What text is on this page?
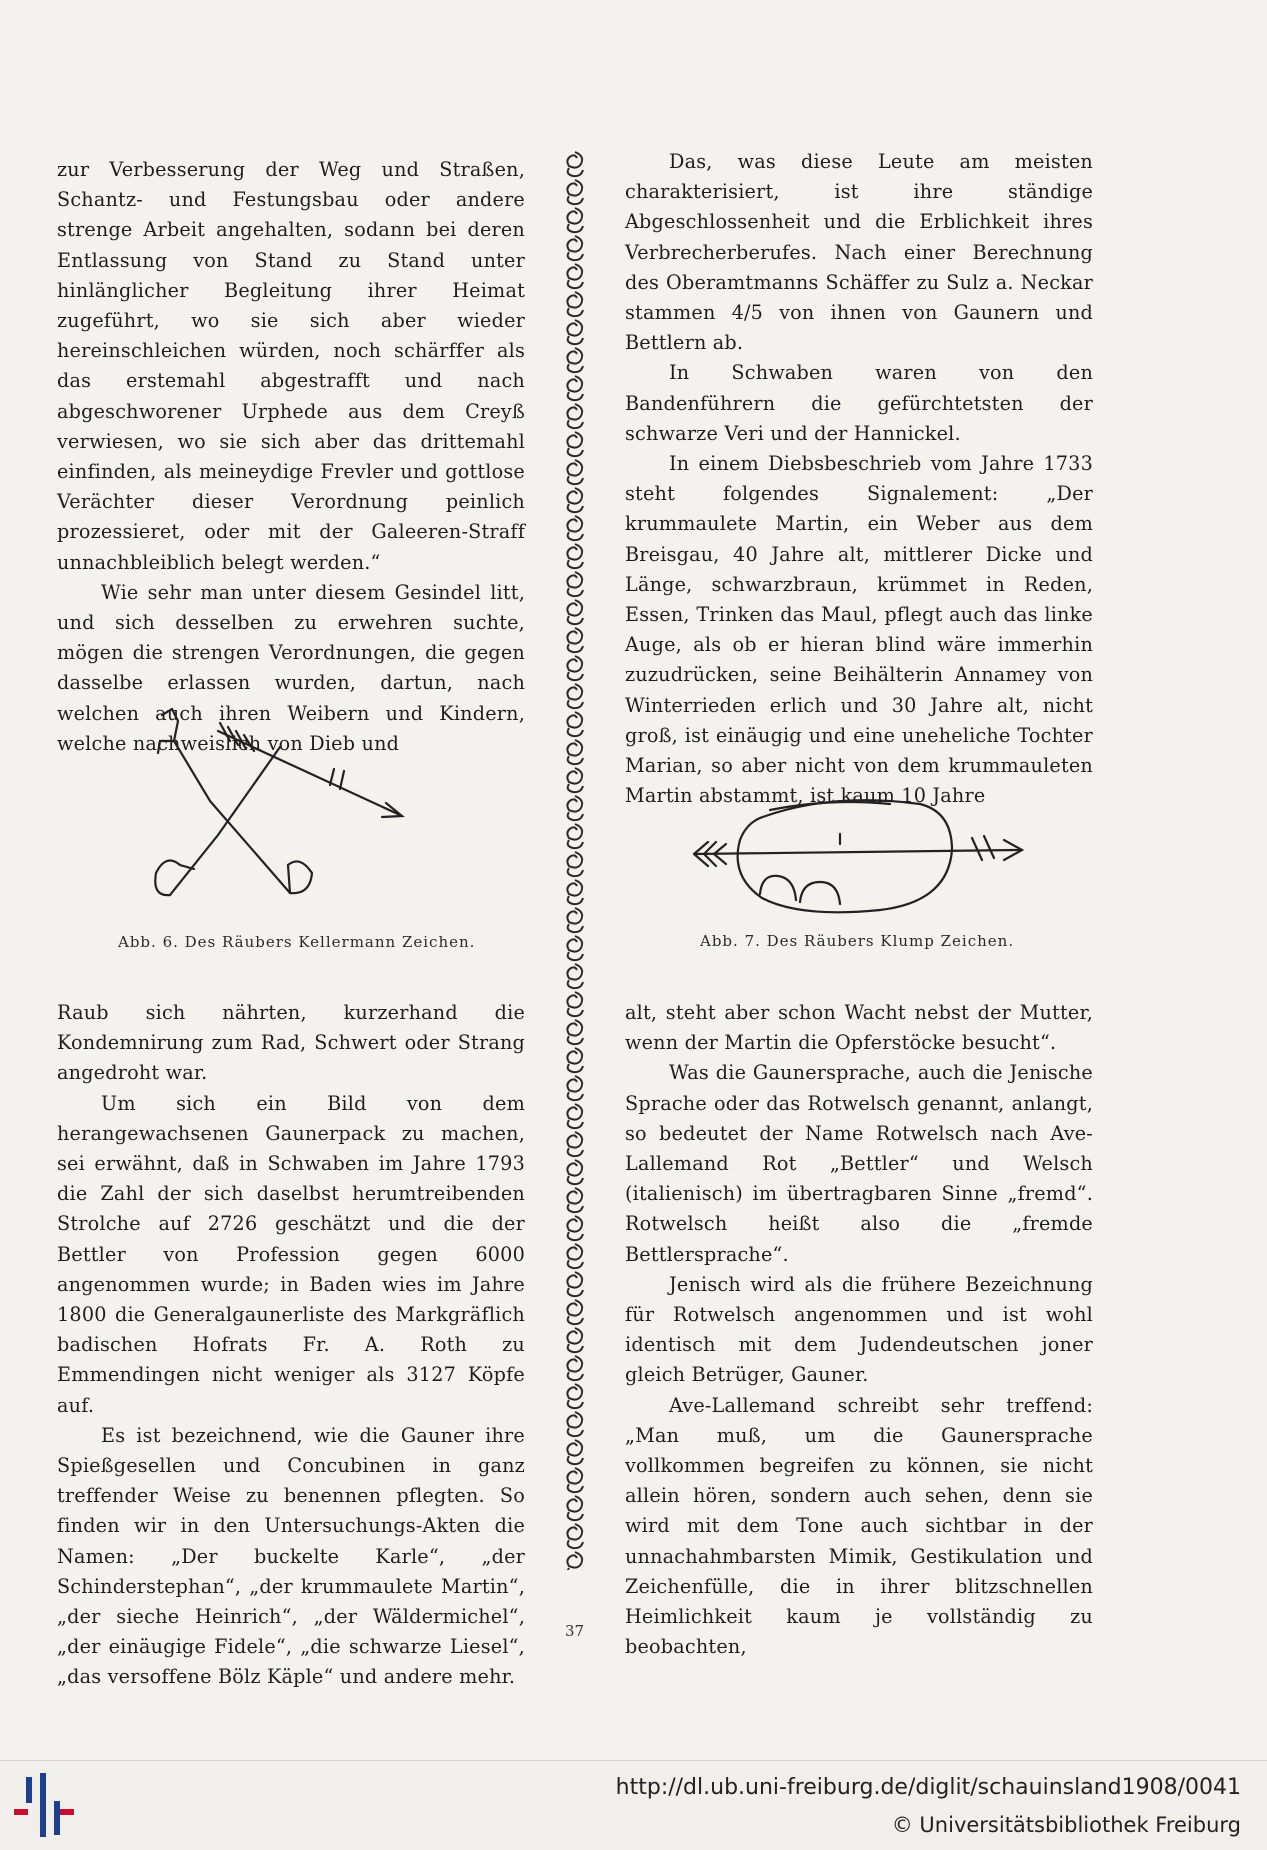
zur Verbesserung der Weg und Straßen, Schantz- und Festungsbau oder andere strenge Arbeit angehalten, sodann bei deren Entlassung von Stand zu Stand unter hinlänglicher Begleitung ihrer Heimat zugeführt, wo sie sich aber wieder hereinschleichen würden, noch schärffer als das erstemahl abgestrafft und nach abgeschworener Urphede aus dem Creyß verwiesen, wo sie sich aber das drittemahl einfinden, als meineydige Frevler und gottlose Verächter dieser Verordnung peinlich prozessieret, oder mit der Galeeren-Straff unnachbleiblich belegt werden.“

Wie sehr man unter diesem Gesindel litt, und sich desselben zu erwehren suchte, mögen die strengen Verordnungen, die gegen dasselbe erlassen wurden, dartun, nach welchen auch ihren Weibern und Kindern, welche nachweislich von Dieb und

Abb. 6. Des Räubers Kellermann Zeichen.

Raub sich nährten, kurzerhand die Kondemnirung zum Rad, Schwert oder Strang angedroht war.

Um sich ein Bild von dem herangewachsenen Gaunerpack zu machen, sei erwähnt, daß in Schwaben im Jahre 1793 die Zahl der sich daselbst herumtreibenden Strolche auf 2726 geschätzt und die der Bettler von Profession gegen 6000 angenommen wurde; in Baden wies im Jahre 1800 die Generalgaunerliste des Markgräflich badischen Hofrats Fr. A. Roth zu Emmendingen nicht weniger als 3127 Köpfe auf.

Es ist bezeichnend, wie die Gauner ihre Spießgesellen und Concubinen in ganz treffender Weise zu benennen pflegten. So finden wir in den Untersuchungs-Akten die Namen: „Der buckelte Karle“, „der Schinderstephan“, „der krummaulete Martin“, „der sieche Heinrich“, „der Wäldermichel“, „der einäugige Fidele“, „die schwarze Liesel“, „das versoffene Bölz Käple“ und andere mehr.

Das, was diese Leute am meisten charakterisiert, ist ihre ständige Abgeschlossenheit und die Erblichkeit ihres Verbrecherberufes. Nach einer Berechnung des Oberamtmanns Schäffer zu Sulz a. Neckar stammen 4/5 von ihnen von Gaunern und Bettlern ab.

In Schwaben waren von den Bandenführern die gefürchtetsten der schwarze Veri und der Hannickel.

In einem Diebsbeschrieb vom Jahre 1733 steht folgendes Signalement: „Der krummaulete Martin, ein Weber aus dem Breisgau, 40 Jahre alt, mittlerer Dicke und Länge, schwarzbraun, krümmet in Reden, Essen, Trinken das Maul, pflegt auch das linke Auge, als ob er hieran blind wäre immerhin zuzudrücken, seine Beihälterin Annamey von Winterrieden erlich und 30 Jahre alt, nicht groß, ist einäugig und eine uneheliche Tochter Marian, so aber nicht von dem krummauleten Martin abstammt, ist kaum 10 Jahre

Abb. 7. Des Räubers Klump Zeichen.

alt, steht aber schon Wacht nebst der Mutter, wenn der Martin die Opferstöcke besucht“.

Was die Gaunersprache, auch die Jenische Sprache oder das Rotwelsch genannt, anlangt, so bedeutet der Name Rotwelsch nach Ave-Lallemand Rot „Bettler“ und Welsch (italienisch) im übertragbaren Sinne „fremd“. Rotwelsch heißt also die „fremde Bettlersprache“.

Jenisch wird als die frühere Bezeichnung für Rotwelsch angenommen und ist wohl identisch mit dem Judendeutschen joner gleich Betrüger, Gauner.

Ave-Lallemand schreibt sehr treffend: „Man muß, um die Gaunersprache vollkommen begreifen zu können, sie nicht allein hören, sondern auch sehen, denn sie wird mit dem Tone auch sichtbar in der unnachahmbarsten Mimik, Gestikulation und Zeichenfülle, die in ihrer blitzschnellen Heimlichkeit kaum je vollständig zu beobachten,

37
http://dl.ub.uni-freiburg.de/diglit/schauinsland1908/0041
© Universitätsbibliothek Freiburg
